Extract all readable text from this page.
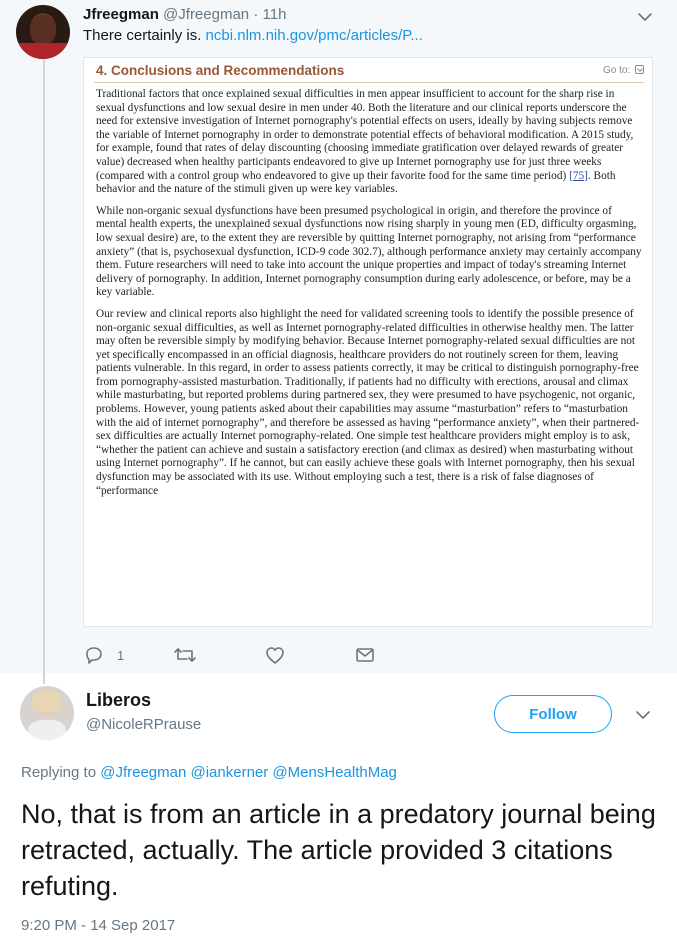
Jfreegman @Jfreegman · 11h
There certainly is. ncbi.nlm.nih.gov/pmc/articles/P...
4. Conclusions and Recommendations	Go to:

Traditional factors that once explained sexual difficulties in men appear insufficient to account for the sharp rise in sexual dysfunctions and low sexual desire in men under 40. Both the literature and our clinical reports underscore the need for extensive investigation of Internet pornography's potential effects on users, ideally by having subjects remove the variable of Internet pornography in order to demonstrate potential effects of behavioral modification. A 2015 study, for example, found that rates of delay discounting (choosing immediate gratification over delayed rewards of greater value) decreased when healthy participants endeavored to give up Internet pornography use for just three weeks (compared with a control group who endeavored to give up their favorite food for the same time period) [75]. Both behavior and the nature of the stimuli given up were key variables.

While non-organic sexual dysfunctions have been presumed psychological in origin, and therefore the province of mental health experts, the unexplained sexual dysfunctions now rising sharply in young men (ED, difficulty orgasming, low sexual desire) are, to the extent they are reversible by quitting Internet pornography, not arising from “performance anxiety” (that is, psychosexual dysfunction, ICD-9 code 302.7), although performance anxiety may certainly accompany them. Future researchers will need to take into account the unique properties and impact of today's streaming Internet delivery of pornography. In addition, Internet pornography consumption during early adolescence, or before, may be a key variable.

Our review and clinical reports also highlight the need for validated screening tools to identify the possible presence of non-organic sexual difficulties, as well as Internet pornography-related difficulties in otherwise healthy men. The latter may often be reversible simply by modifying behavior. Because Internet pornography-related sexual difficulties are not yet specifically encompassed in an official diagnosis, healthcare providers do not routinely screen for them, leaving patients vulnerable. In this regard, in order to assess patients correctly, it may be critical to distinguish pornography-free from pornography-assisted masturbation. Traditionally, if patients had no difficulty with erections, arousal and climax while masturbating, but reported problems during partnered sex, they were presumed to have psychogenic, not organic, problems. However, young patients asked about their capabilities may assume “masturbation” refers to “masturbation with the aid of internet pornography”, and therefore be assessed as having “performance anxiety”, when their partnered-sex difficulties are actually Internet pornography-related. One simple test healthcare providers might employ is to ask, “whether the patient can achieve and sustain a satisfactory erection (and climax as desired) when masturbating without using Internet pornography”. If he cannot, but can easily achieve these goals with Internet pornography, then his sexual dysfunction may be associated with its use. Without employing such a test, there is a risk of false diagnoses of “performance

1
Liberos
@NicoleRPrause
Follow
Replying to @Jfreegman @iankerner @MensHealthMag
No, that is from an article in a predatory journal being retracted, actually. The article provided 3 citations refuting.
9:20 PM - 14 Sep 2017
